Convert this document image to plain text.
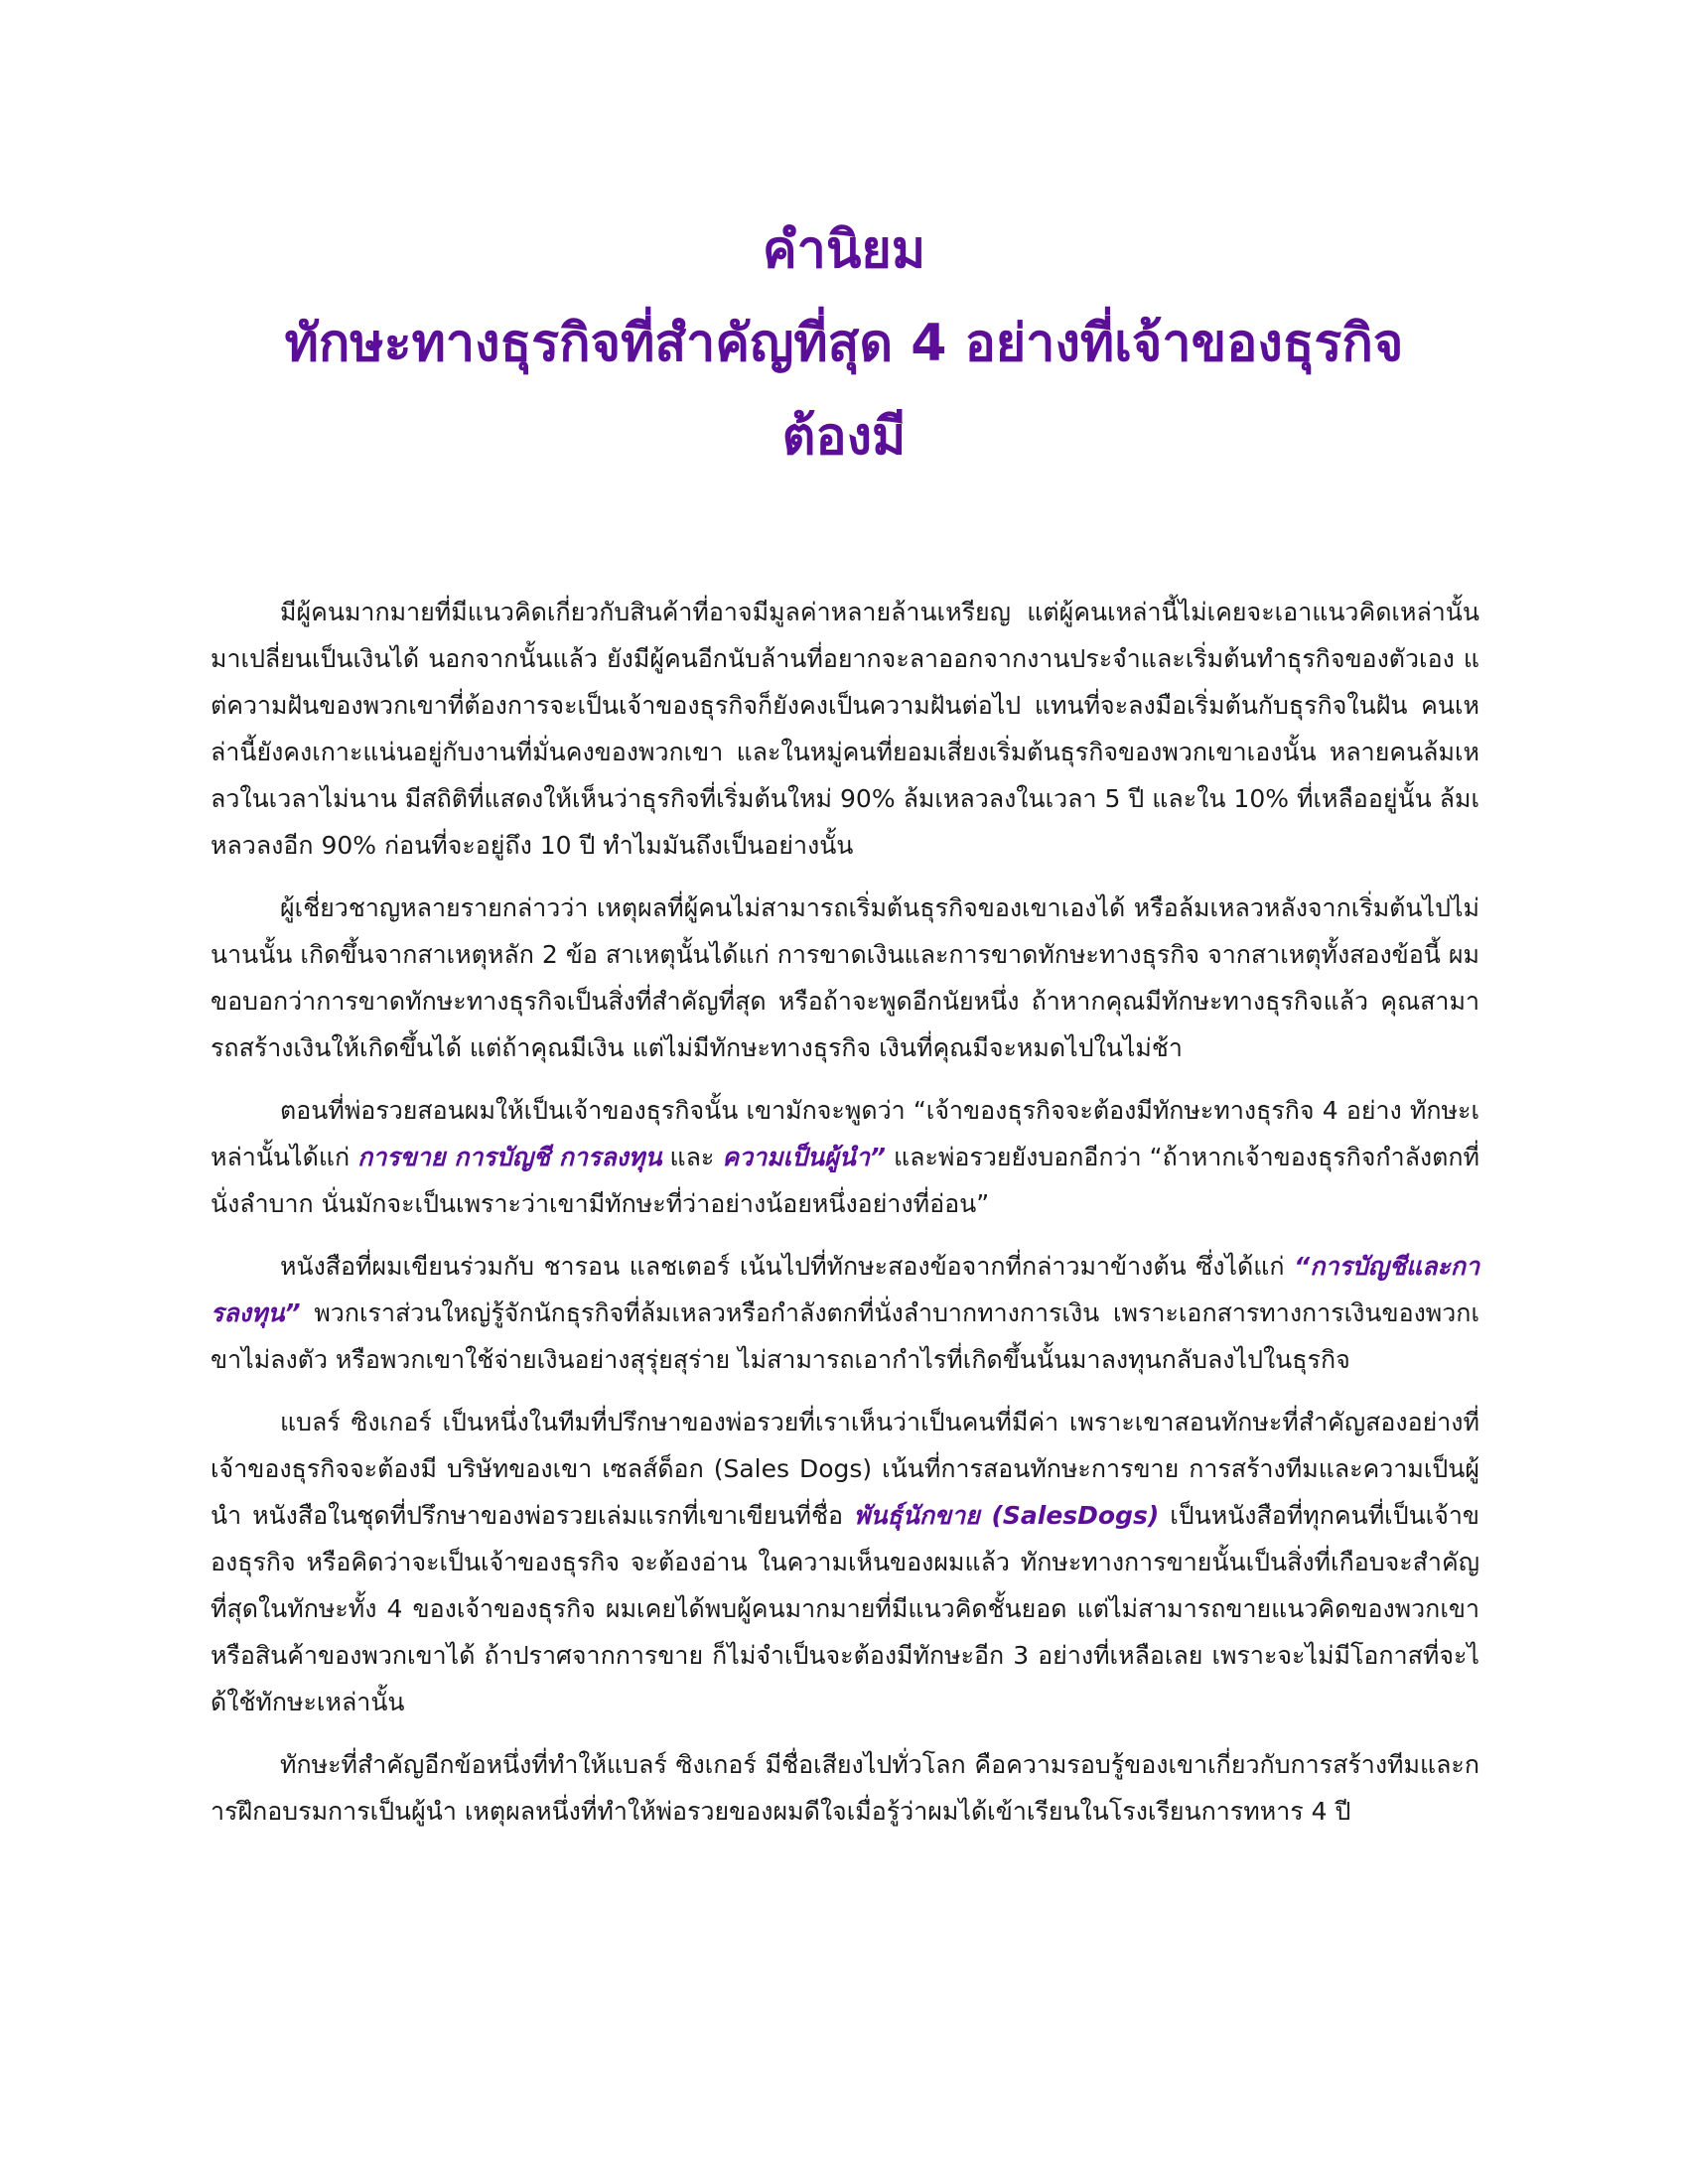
คำนิยม
ทักษะทางธุรกิจที่สำคัญที่สุด 4 อย่างที่เจ้าของธุรกิจ
ต้องมี

มีผู้คนมากมายที่มีแนวคิดเกี่ยวกับสินค้าที่อาจมีมูลค่าหลายล้านเหรียญ แต่ผู้คนเหล่านี้ไม่เคยจะเอาแนวคิดเหล่านั้นมาเปลี่ยนเป็นเงินได้ นอกจากนั้นแล้ว ยังมีผู้คนอีกนับล้านที่อยากจะลาออกจากงานประจำและเริ่มต้นทำธุรกิจของตัวเอง แต่ความฝันของพวกเขาที่ต้องการจะเป็นเจ้าของธุรกิจก็ยังคงเป็นความฝันต่อไป แทนที่จะลงมือเริ่มต้นกับธุรกิจในฝัน คนเหล่านี้ยังคงเกาะแน่นอยู่กับงานที่มั่นคงของพวกเขา และในหมู่คนที่ยอมเสี่ยงเริ่มต้นธุรกิจของพวกเขาเองนั้น หลายคนล้มเหลวในเวลาไม่นาน มีสถิติที่แสดงให้เห็นว่าธุรกิจที่เริ่มต้นใหม่ 90% ล้มเหลวลงในเวลา 5 ปี และใน 10% ที่เหลืออยู่นั้น ล้มเหลวลงอีก 90% ก่อนที่จะอยู่ถึง 10 ปี ทำไมมันถึงเป็นอย่างนั้น

ผู้เชี่ยวชาญหลายรายกล่าวว่า เหตุผลที่ผู้คนไม่สามารถเริ่มต้นธุรกิจของเขาเองได้ หรือล้มเหลวหลังจากเริ่มต้นไปไม่นานนั้น เกิดขึ้นจากสาเหตุหลัก 2 ข้อ สาเหตุนั้นได้แก่ การขาดเงินและการขาดทักษะทางธุรกิจ จากสาเหตุทั้งสองข้อนี้ ผมขอบอกว่าการขาดทักษะทางธุรกิจเป็นสิ่งที่สำคัญที่สุด หรือถ้าจะพูดอีกนัยหนึ่ง ถ้าหากคุณมีทักษะทางธุรกิจแล้ว คุณสามารถสร้างเงินให้เกิดขึ้นได้ แต่ถ้าคุณมีเงิน แต่ไม่มีทักษะทางธุรกิจ เงินที่คุณมีจะหมดไปในไม่ช้า

ตอนที่พ่อรวยสอนผมให้เป็นเจ้าของธุรกิจนั้น เขามักจะพูดว่า “เจ้าของธุรกิจจะต้องมีทักษะทางธุรกิจ 4 อย่าง ทักษะเหล่านั้นได้แก่ การขาย การบัญชี การลงทุน และ ความเป็นผู้นำ” และพ่อรวยยังบอกอีกว่า “ถ้าหากเจ้าของธุรกิจกำลังตกที่นั่งลำบาก นั่นมักจะเป็นเพราะว่าเขามีทักษะที่ว่าอย่างน้อยหนึ่งอย่างที่อ่อน”

หนังสือที่ผมเขียนร่วมกับ ชารอน แลชเตอร์ เน้นไปที่ทักษะสองข้อจากที่กล่าวมาข้างต้น ซึ่งได้แก่ “การบัญชีและการลงทุน” พวกเราส่วนใหญ่รู้จักนักธุรกิจที่ล้มเหลวหรือกำลังตกที่นั่งลำบากทางการเงิน เพราะเอกสารทางการเงินของพวกเขาไม่ลงตัว หรือพวกเขาใช้จ่ายเงินอย่างสุรุ่ยสุร่าย ไม่สามารถเอากำไรที่เกิดขึ้นนั้นมาลงทุนกลับลงไปในธุรกิจ

แบลร์ ซิงเกอร์ เป็นหนึ่งในทีมที่ปรึกษาของพ่อรวยที่เราเห็นว่าเป็นคนที่มีค่า เพราะเขาสอนทักษะที่สำคัญสองอย่างที่เจ้าของธุรกิจจะต้องมี บริษัทของเขา เซลส์ด็อก (Sales Dogs) เน้นที่การสอนทักษะการขาย การสร้างทีมและความเป็นผู้นำ หนังสือในชุดที่ปรึกษาของพ่อรวยเล่มแรกที่เขาเขียนที่ชื่อ พันธุ์นักขาย (SalesDogs) เป็นหนังสือที่ทุกคนที่เป็นเจ้าของธุรกิจ หรือคิดว่าจะเป็นเจ้าของธุรกิจ จะต้องอ่าน ในความเห็นของผมแล้ว ทักษะทางการขายนั้นเป็นสิ่งที่เกือบจะสำคัญที่สุดในทักษะทั้ง 4 ของเจ้าของธุรกิจ ผมเคยได้พบผู้คนมากมายที่มีแนวคิดชั้นยอด แต่ไม่สามารถขายแนวคิดของพวกเขา หรือสินค้าของพวกเขาได้ ถ้าปราศจากการขาย ก็ไม่จำเป็นจะต้องมีทักษะอีก 3 อย่างที่เหลือเลย เพราะจะไม่มีโอกาสที่จะได้ใช้ทักษะเหล่านั้น

ทักษะที่สำคัญอีกข้อหนึ่งที่ทำให้แบลร์ ซิงเกอร์ มีชื่อเสียงไปทั่วโลก คือความรอบรู้ของเขาเกี่ยวกับการสร้างทีมและการฝึกอบรมการเป็นผู้นำ เหตุผลหนึ่งที่ทำให้พ่อรวยของผมดีใจเมื่อรู้ว่าผมได้เข้าเรียนในโรงเรียนการทหาร 4 ปี
